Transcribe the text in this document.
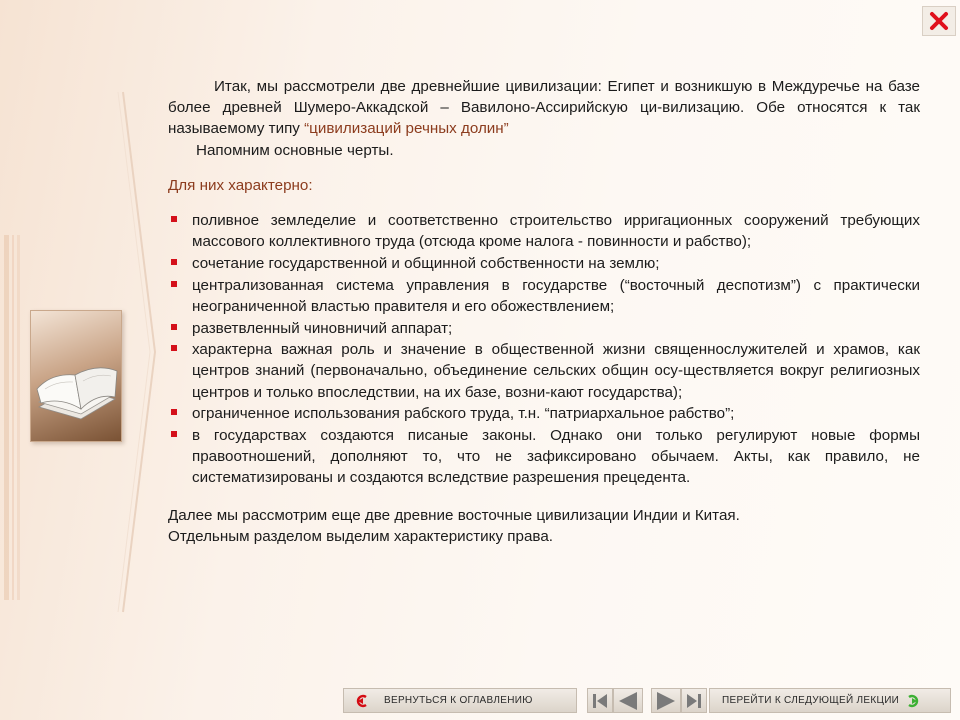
Итак, мы рассмотрели две древнейшие цивилизации: Египет и возникшую в Междуречье на базе более древней Шумеро-Аккадской – Вавилоно-Ассирийскую ци-вилизацию. Обе относятся к так называемому типу “цивилизаций речных долин”

Напомним основные черты.

Для них характерно:

поливное земледелие и соответственно строительство ирригационных сооружений требующих массового коллективного труда (отсюда кроме налога - повинности и рабство);
сочетание государственной и общинной собственности на землю;
централизованная система управления в государстве (“восточный деспотизм”) с практически неограниченной властью правителя и его обожествлением;
разветвленный чиновничий аппарат;
характерна важная роль и значение в общественной жизни священнослужителей и храмов, как центров знаний (первоначально, объединение сельских общин осу-ществляется вокруг религиозных центров и только впоследствии, на их базе, возни-кают государства);
ограниченное использования рабского труда, т.н. “патриархальное рабство”;
в государствах создаются писаные законы. Однако они только регулируют новые формы правоотношений, дополняют то, что не зафиксировано обычаем. Акты, как правило, не систематизированы и создаются вследствие разрешения прецедента.

Далее мы рассмотрим еще две древние восточные цивилизации Индии и Китая.

Отдельным разделом выделим характеристику права.

ВЕРНУТЬСЯ К ОГЛАВЛЕНИЮ	ПЕРЕЙТИ К СЛЕДУЮЩЕЙ ЛЕКЦИИ
